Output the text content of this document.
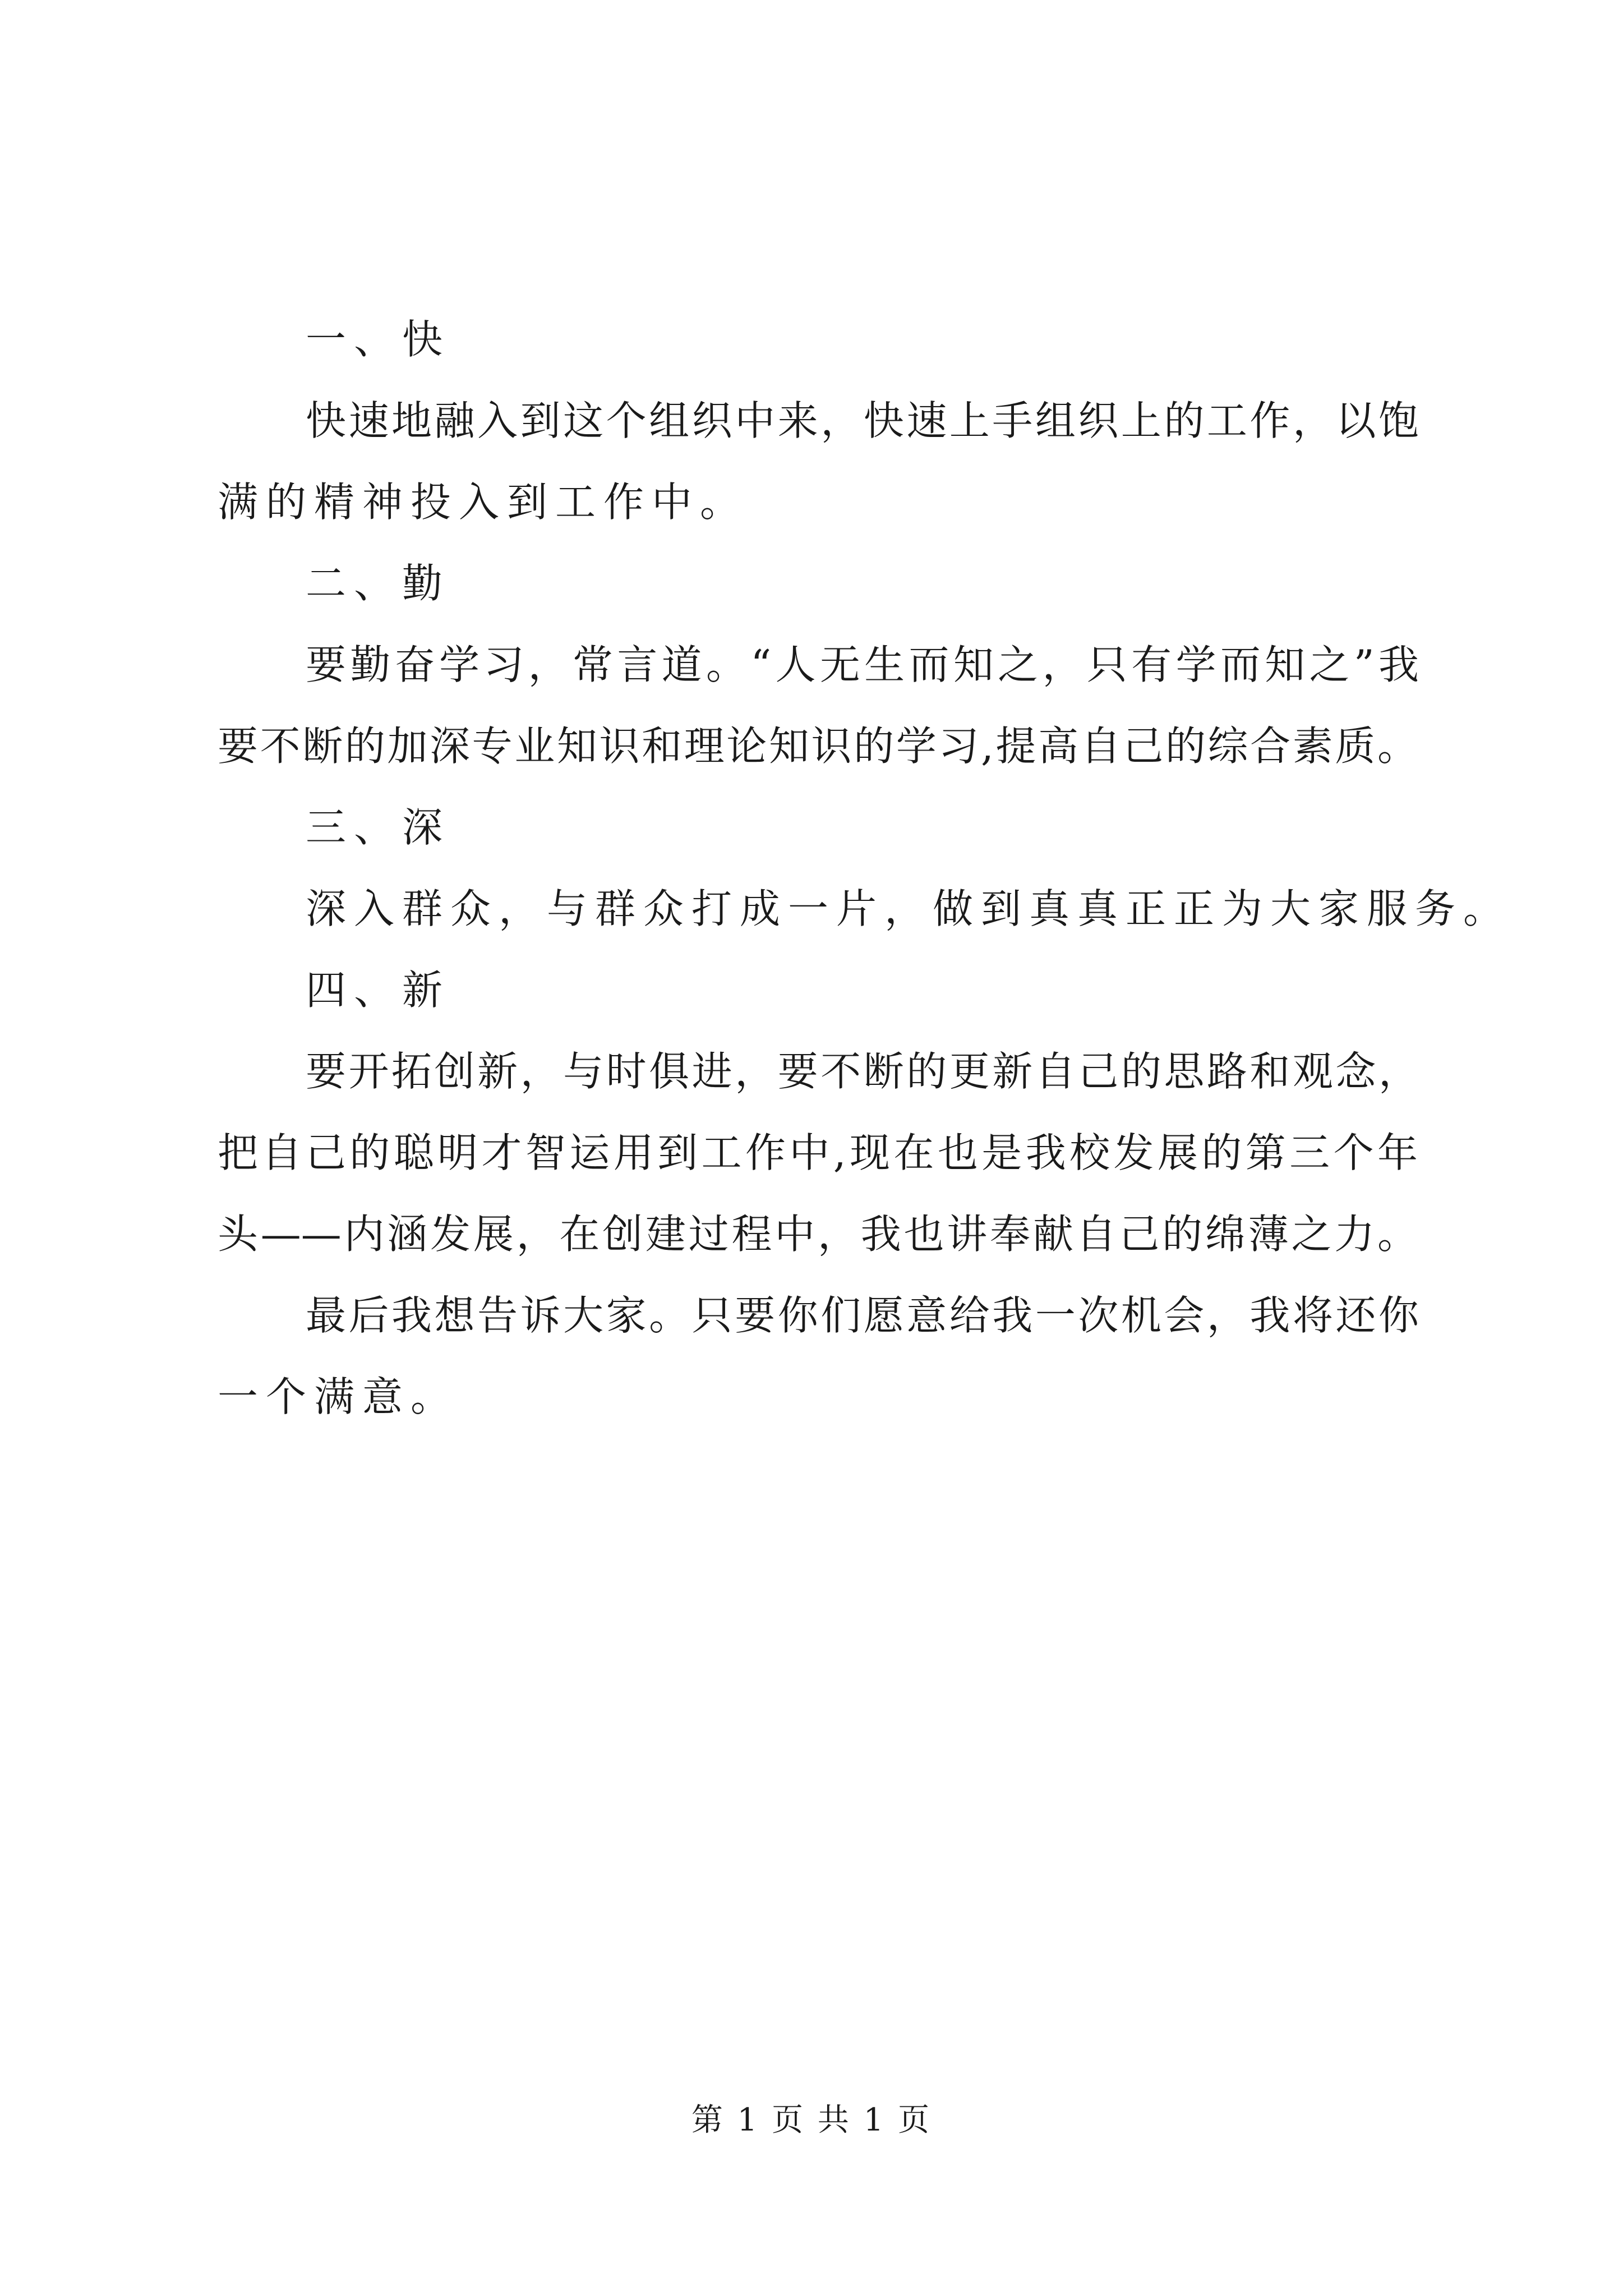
一、快
快速地融入到这个组织中来，快速上手组织上的工作，以饱
满的精神投入到工作中。
二、勤
要勤奋学习，常言道。“人无生而知之，只有学而知之”我
要不断的加深专业知识和理论知识的学习,提高自己的综合素质。
三、深
深入群众，与群众打成一片，做到真真正正为大家服务。
四、新
要开拓创新，与时俱进，要不断的更新自己的思路和观念，
把自己的聪明才智运用到工作中,现在也是我校发展的第三个年
头——内涵发展，在创建过程中，我也讲奉献自己的绵薄之力。
最后我想告诉大家。只要你们愿意给我一次机会，我将还你
一个满意。
第 1 页 共 1 页
